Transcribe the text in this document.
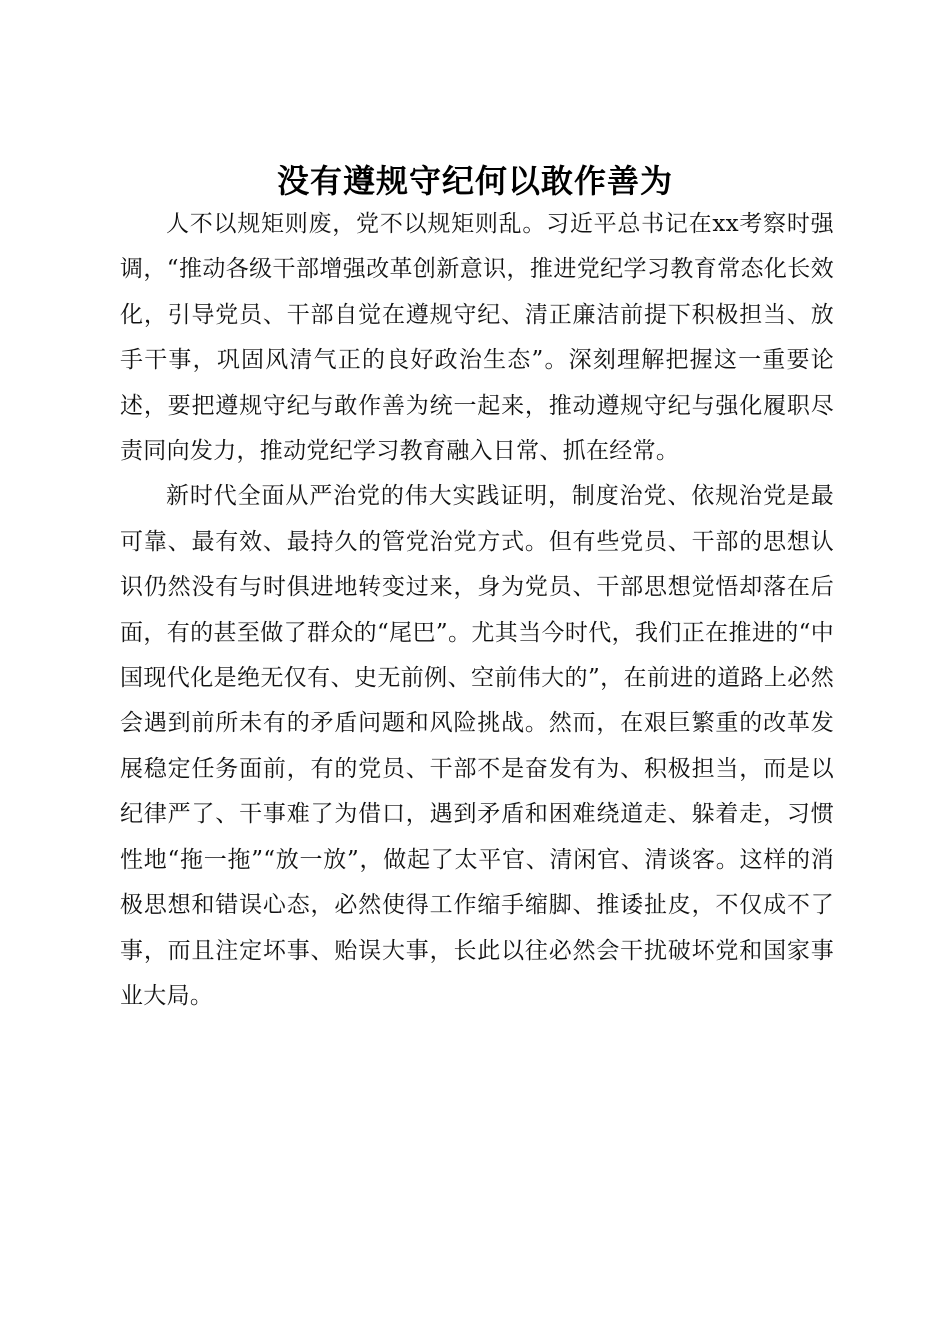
没有遵规守纪何以敢作善为

人不以规矩则废，党不以规矩则乱。习近平总书记在xx考察时强调，“推动各级干部增强改革创新意识，推进党纪学习教育常态化长效化，引导党员、干部自觉在遵规守纪、清正廉洁前提下积极担当、放手干事，巩固风清气正的良好政治生态”。深刻理解把握这一重要论述，要把遵规守纪与敢作善为统一起来，推动遵规守纪与强化履职尽责同向发力，推动党纪学习教育融入日常、抓在经常。

新时代全面从严治党的伟大实践证明，制度治党、依规治党是最可靠、最有效、最持久的管党治党方式。但有些党员、干部的思想认识仍然没有与时俱进地转变过来，身为党员、干部思想觉悟却落在后面，有的甚至做了群众的“尾巴”。尤其当今时代，我们正在推进的“中国现代化是绝无仅有、史无前例、空前伟大的”，在前进的道路上必然会遇到前所未有的矛盾问题和风险挑战。然而，在艰巨繁重的改革发展稳定任务面前，有的党员、干部不是奋发有为、积极担当，而是以纪律严了、干事难了为借口，遇到矛盾和困难绕道走、躲着走，习惯性地“拖一拖”“放一放”，做起了太平官、清闲官、清谈客。这样的消极思想和错误心态，必然使得工作缩手缩脚、推诿扯皮，不仅成不了事，而且注定坏事、贻误大事，长此以往必然会干扰破坏党和国家事业大局。
